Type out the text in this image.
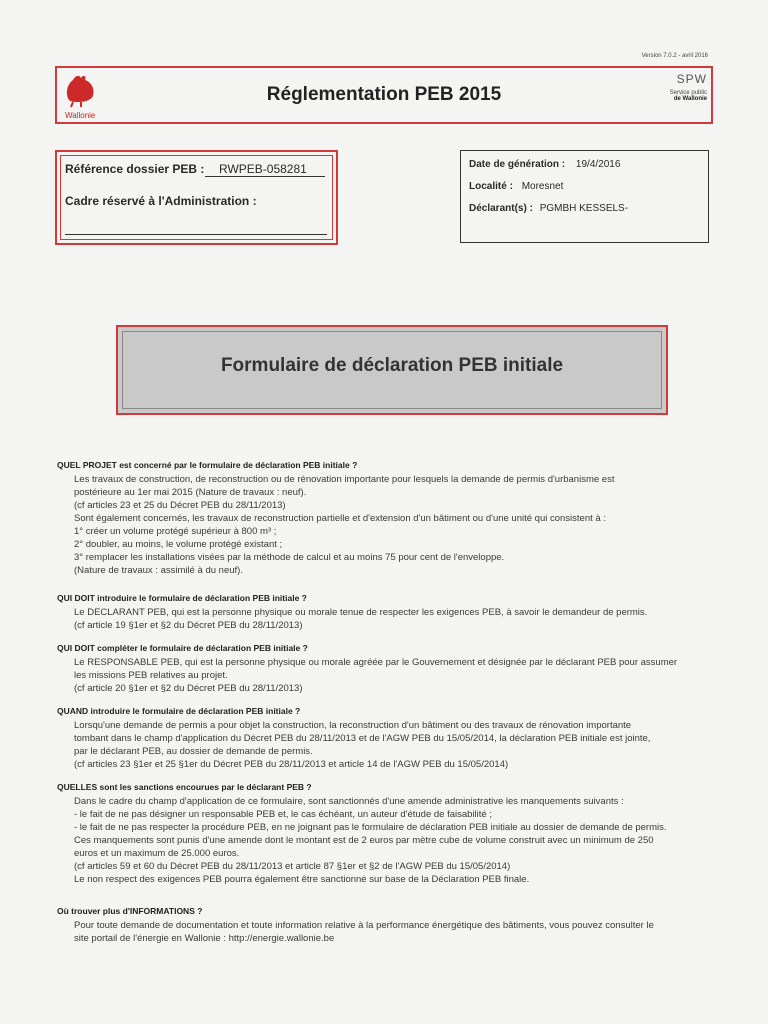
Version 7.0.2 - avril 2016
Wallonie
Réglementation PEB 2015
SPW
Service public
de Wallonie
Référence dossier PEB :	RWPEB-058281
Cadre réservé à l'Administration :
Date de génération : 19/4/2016
Localité : Moresnet
Déclarant(s) : PGMBH KESSELS-
Formulaire de déclaration PEB initiale
QUEL PROJET est concerné par le formulaire de déclaration PEB initiale ?
Les travaux de construction, de reconstruction ou de rénovation importante pour lesquels la demande de permis d'urbanisme est
postérieure au 1er mai 2015 (Nature de travaux : neuf).
(cf articles 23 et 25 du Décret PEB du 28/11/2013)
Sont également concernés, les travaux de reconstruction partielle et d'extension d'un bâtiment ou d'une unité qui consistent à :
1° créer un volume protégé supérieur à 800 m³ ;
2° doubler, au moins, le volume protégé existant ;
3° remplacer les installations visées par la méthode de calcul et au moins 75 pour cent de l'enveloppe.
(Nature de travaux : assimilé à du neuf).
QUI DOIT introduire le formulaire de déclaration PEB initiale ?
Le DECLARANT PEB, qui est la personne physique ou morale tenue de respecter les exigences PEB, à savoir le demandeur de permis.
(cf article 19 §1er et §2 du Décret PEB du 28/11/2013)
QUI DOIT compléter le formulaire de déclaration PEB initiale ?
Le RESPONSABLE PEB, qui est la personne physique ou morale agréée par le Gouvernement et désignée par le déclarant PEB pour assumer
les missions PEB relatives au projet.
(cf article 20 §1er et §2 du Décret PEB du 28/11/2013)
QUAND introduire le formulaire de déclaration PEB initiale ?
Lorsqu'une demande de permis a pour objet la construction, la reconstruction d'un bâtiment ou des travaux de rénovation importante
tombant dans le champ d'application du Décret PEB du 28/11/2013 et de l'AGW PEB du 15/05/2014, la déclaration PEB initiale est jointe,
par le déclarant PEB, au dossier de demande de permis.
(cf articles 23 §1er et 25 §1er du Décret PEB du 28/11/2013 et article 14 de l'AGW PEB du 15/05/2014)
QUELLES sont les sanctions encourues par le déclarant PEB ?
Dans le cadre du champ d'application de ce formulaire, sont sanctionnés d'une amende administrative les manquements suivants :
- le fait de ne pas désigner un responsable PEB et, le cas échéant, un auteur d'étude de faisabilité ;
- le fait de ne pas respecter la procédure PEB, en ne joignant pas le formulaire de déclaration PEB initiale au dossier de demande de permis.
Ces manquements sont punis d'une amende dont le montant est de 2 euros par mètre cube de volume construit avec un minimum de 250
euros et un maximum de 25.000 euros.
(cf articles 59 et 60 du Décret PEB du 28/11/2013 et article 87 §1er et §2 de l'AGW PEB du 15/05/2014)
Le non respect des exigences PEB pourra également être sanctionné sur base de la Déclaration PEB finale.
Où trouver plus d'INFORMATIONS ?
Pour toute demande de documentation et toute information relative à la performance énergétique des bâtiments, vous pouvez consulter le
site portail de l'énergie en Wallonie : http://energie.wallonie.be
